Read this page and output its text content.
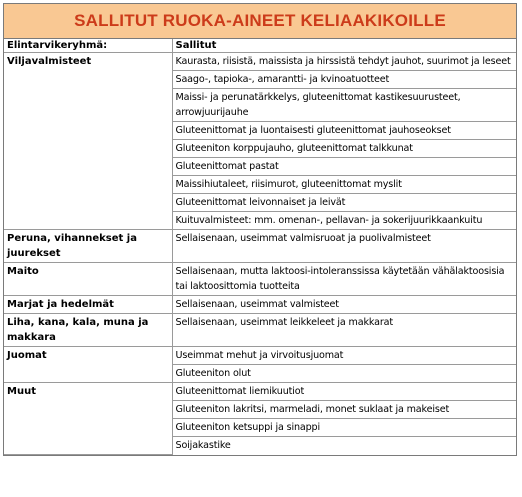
SALLITUT RUOKA-AINEET KELIAAKIKOILLE
Elintarvikeryhmä:	Sallitut
Viljavalmisteet	Kaurasta, riisistä, maissista ja hirssistä tehdyt jauhot, suurimot ja leseet
	Saago-, tapioka-, amarantti- ja kvinoatuotteet
	Maissi- ja perunatärkkelys, gluteenittomat kastikesuurusteet, arrowjuurijauhe
	Gluteenittomat ja luontaisesti gluteenittomat jauhoseokset
	Gluteeniton korppujauho, gluteenittomat talkkunat
	Gluteenittomat pastat
	Maissihiutaleet, riisimurot, gluteenittomat myslit
	Gluteenittomat leivonnaiset ja leivät
	Kuituvalmisteet: mm. omenan-, pellavan- ja sokerijuurikkaankuitu
Peruna, vihannekset ja juurekset	Sellaisenaan, useimmat valmisruoat ja puolivalmisteet
Maito	Sellaisenaan, mutta laktoosi-intoleranssissa käytetään vähälaktoosisia tai laktoosittomia tuotteita
Marjat ja hedelmät	Sellaisenaan, useimmat valmisteet
Liha, kana, kala, muna ja makkara	Sellaisenaan, useimmat leikkeleet ja makkarat
Juomat	Useimmat mehut ja virvoitusjuomat
	Gluteeniton olut
Muut	Gluteenittomat liemikuutiot
	Gluteeniton lakritsi, marmeladi, monet suklaat ja makeiset
	Gluteeniton ketsuppi ja sinappi
	Soijakastike
